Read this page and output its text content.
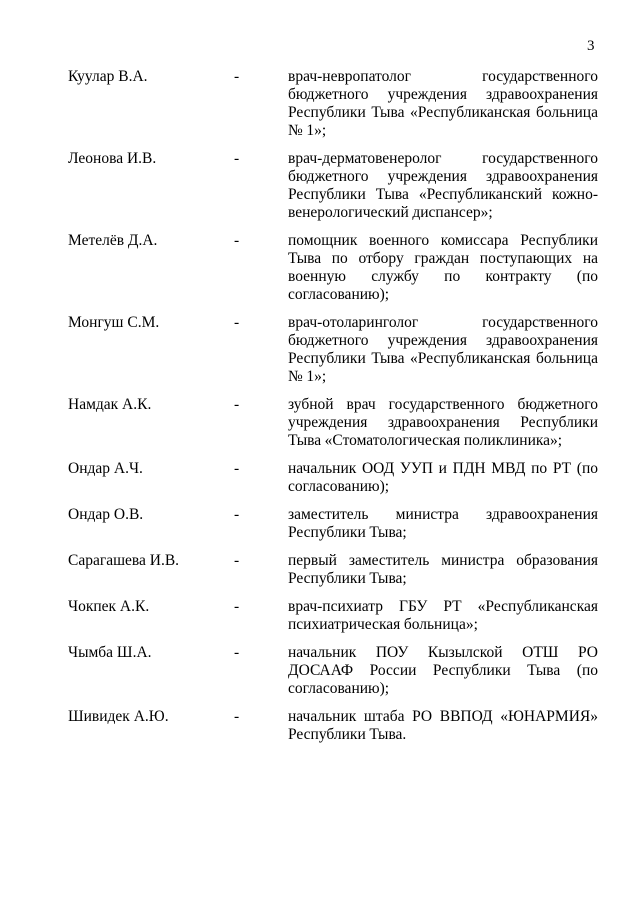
3
Куулар В.А.	-	врач-невропатолог государственного бюджетного учреждения здравоохранения Республики Тыва «Республиканская больница № 1»;
Леонова И.В.	-	врач-дерматовенеролог государственного бюджетного учреждения здравоохранения Республики Тыва «Республиканский кожно-венерологический диспансер»;
Метелёв Д.А.	-	помощник военного комиссара Республики Тыва по отбору граждан поступающих на военную службу по контракту (по согласованию);
Монгуш С.М.	-	врач-отоларинголог государственного бюджетного учреждения здравоохранения Республики Тыва «Республиканская больница № 1»;
Намдак А.К.	-	зубной врач государственного бюджетного учреждения здравоохранения Республики Тыва «Стоматологическая поликлиника»;
Ондар А.Ч.	-	начальник ООД УУП и ПДН МВД по РТ (по согласованию);
Ондар О.В.	-	заместитель министра здравоохранения Республики Тыва;
Сарагашева И.В.	-	первый заместитель министра образования Республики Тыва;
Чокпек А.К.	-	врач-психиатр ГБУ РТ «Республиканская психиатрическая больница»;
Чымба Ш.А.	-	начальник ПОУ Кызылской ОТШ РО ДОСААФ России Республики Тыва (по согласованию);
Шивидек А.Ю.	-	начальник штаба РО ВВПОД «ЮНАРМИЯ» Республики Тыва.
